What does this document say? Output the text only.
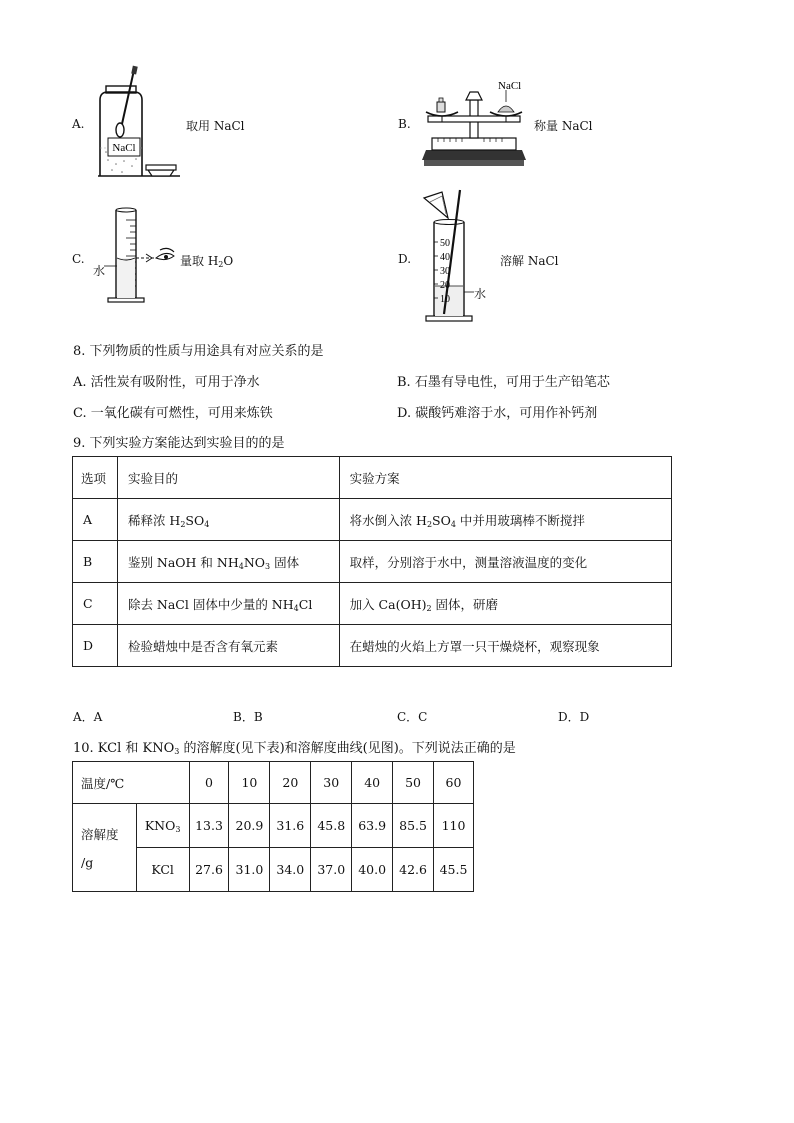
A.
NaCl
取用 NaCl	B.
NaCl
称量 NaCl
C.
水
量取 $H_2O$	D.
50
40
30
20
10 水
溶解 NaCl
8. 下列物质的性质与用途具有对应关系的是
A. 活性炭有吸附性，可用于净水	B. 石墨有导电性，可用于生产铅笔芯
C. 一氧化碳有可燃性，可用来炼铁	D. 碳酸钙难溶于水，可用作补钙剂
9. 下列实验方案能达到实验目的的是
选项	实验目的	实验方案
A	稀释浓 $H_2SO_4$	将水倒入浓 $H_2SO_4$ 中并用玻璃棒不断搅拌
B	鉴别 NaOH 和 $NH_4NO_3$ 固体	取样，分别溶于水中，测量溶液温度的变化
C	除去 NaCl 固体中少量的 $NH_4Cl$	加入 $Ca(OH)_2$ 固体，研磨
D	检验蜡烛中是否含有氧元素	在蜡烛的火焰上方罩一只干燥烧杯，观察现象
A．A	B．B	C．C	D．D
10. KCl 和 $KNO_3$ 的溶解度(见下表)和溶解度曲线(见图)。下列说法正确的是
温度/℃		0	10	20	30	40	50	60

溶解度
/g	$KNO_3$	13.3	20.9	31.6	45.8	63.9	85.5	110
	KCl	27.6	31.0	34.0	37.0	40.0	42.6	45.5
